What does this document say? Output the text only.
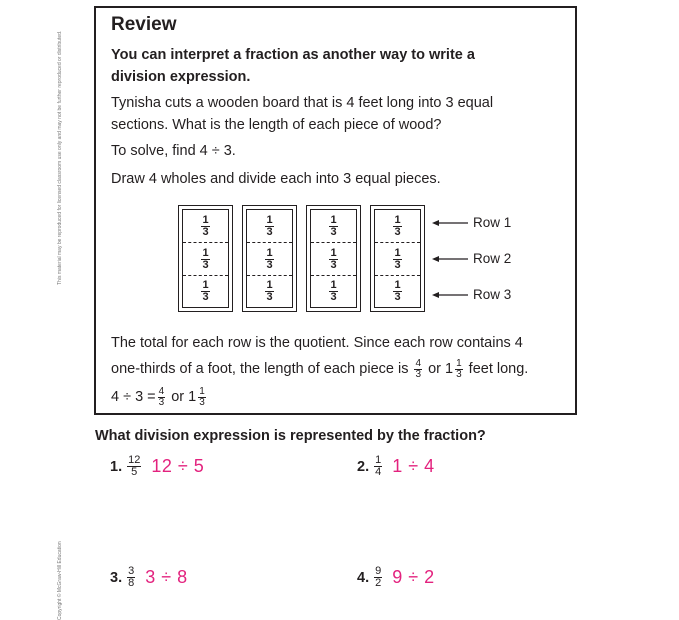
This material may be reproduced for licensed classroom use only and may not be further reproduced or distributed.
Copyright © McGraw-Hill Education
Review
You can interpret a fraction as another way to write a
division expression.
Tynisha cuts a wooden board that is 4 feet long into 3 equal
sections. What is the length of each piece of wood?
To solve, find 4 ÷ 3.
Draw 4 wholes and divide each into 3 equal pieces.
$\frac{1}{3}$
$\frac{1}{3}$
$\frac{1}{3}$
$\frac{1}{3}$
$\frac{1}{3}$
$\frac{1}{3}$
$\frac{1}{3}$
$\frac{1}{3}$
$\frac{1}{3}$
$\frac{1}{3}$
$\frac{1}{3}$
$\frac{1}{3}$
Row 1
Row 2
Row 3
The total for each row is the quotient. Since each row contains 4
one-thirds of a foot, the length of each piece is $\frac{4}{3}$ or $1 \frac{1}{3}$ feet long.
$4 \div 3 = \frac{4}{3}$ or $1 \frac{1}{3}$
What division expression is represented by the fraction?
1. $\frac{12}{5} 12 \div 5$	2. $\frac{1}{4} 1 \div 4$
3. $\frac{3}{8} 3 \div 8$	4. $\frac{9}{2} 9 \div 2$
